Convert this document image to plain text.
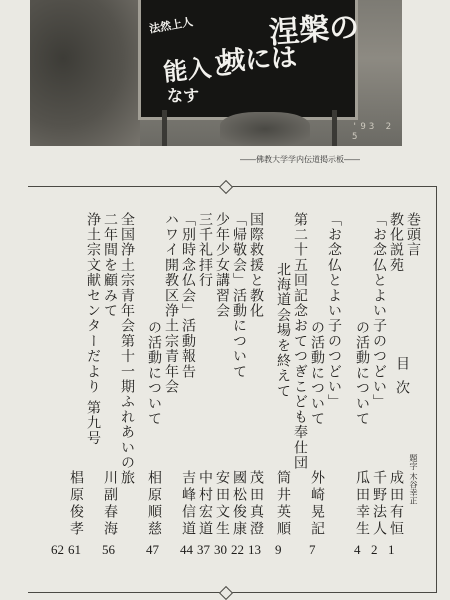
涅槃の
城には
能入と
なす
法然上人
'93 2 5
――佛教大学学内伝道掲示板――
目次
巻頭言
題字 木谷幸正
教化説苑
成田有恒
1
「お念仏とよい子のつどい」
千野法人
2
の活動について
瓜田幸生
4
「お念仏とよい子のつどい」
の活動について
外崎晃記
7
第二十五回記念おてつぎこども奉仕団
北海道会場を終えて
筒井英順
9
国際救援と教化
茂田真澄
13
「帰敬会」活動について
國松俊康
22
少年少女講習会
安田文生
30
三千礼拝行
中村宏道
37
「別時念仏会」活動報告
吉峰信道
44
ハワイ開教区浄土宗青年会
の活動について
相原順慈
47
全国浄土宗青年会第十一期ふれあいの旅
二年間を顧みて
川副春海
56
浄土宗文献センターだより 第九号
椙原俊孝
61
62
